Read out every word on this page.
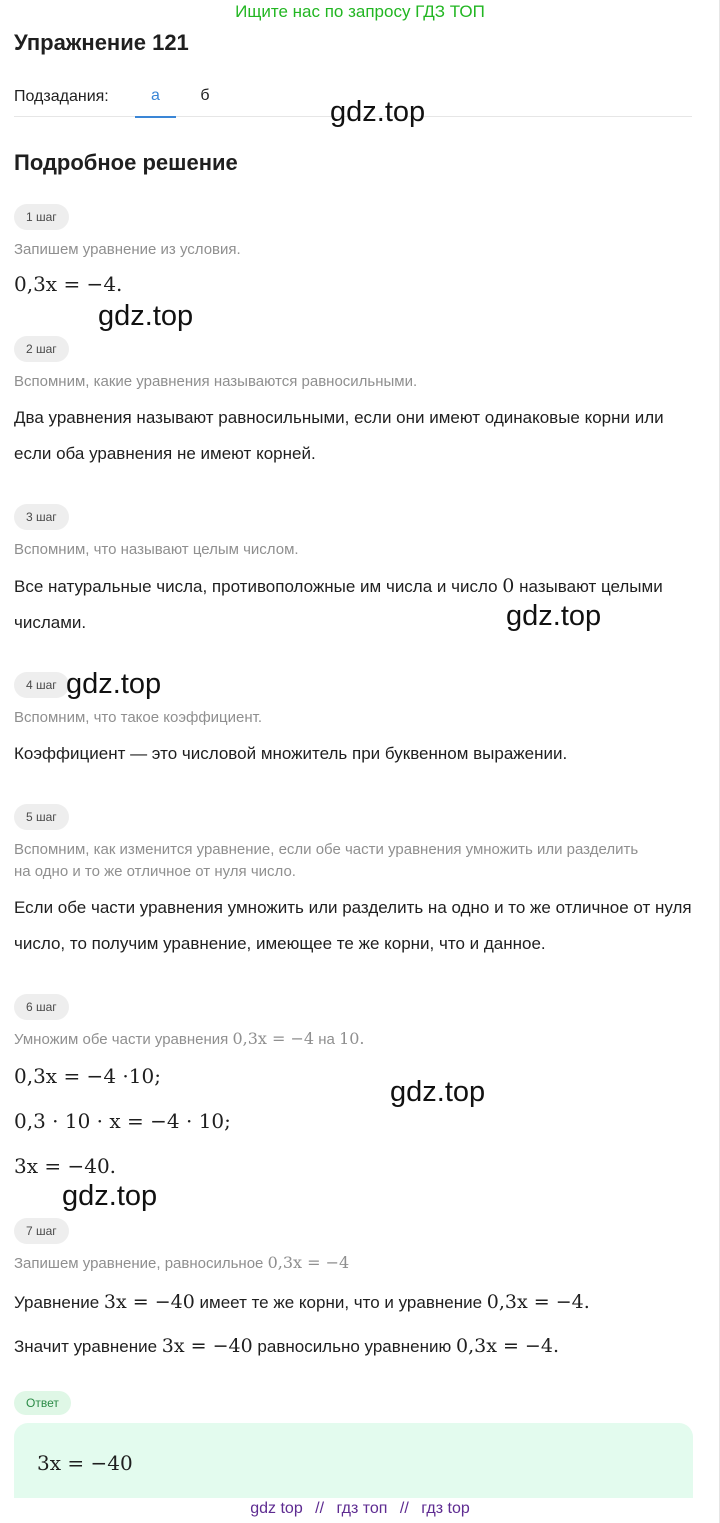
Ищите нас по запросу ГДЗ ТОП
Упражнение 121
Подзадания:	а	б
gdz.top
Подробное решение
1 шаг
Запишем уравнение из условия.
0,3x = −4.
gdz.top
2 шаг
Вспомним, какие уравнения называются равносильными.
Два уравнения называют равносильными, если они имеют одинаковые корни или если оба уравнения не имеют корней.
3 шаг
Вспомним, что называют целым числом.
Все натуральные числа, противоположные им числа и число 0 называют целыми числами.	gdz.top
4 шаг gdz.top
Вспомним, что такое коэффициент.
Коэффициент — это числовой множитель при буквенном выражении.
5 шаг
Вспомним, как изменится уравнение, если обе части уравнения умножить или разделить на одно и то же отличное от нуля число.
Если обе части уравнения умножить или разделить на одно и то же отличное от нуля число, то получим уравнение, имеющее те же корни, что и данное.
6 шаг
Умножим обе части уравнения 0,3x = −4 на 10.
0,3x = −4 ·10;
0,3 · 10 · x = −4 · 10;
3x = −40.
gdz.top
gdz.top
7 шаг
Запишем уравнение, равносильное 0,3x = −4
Уравнение 3x = −40 имеет те же корни, что и уравнение 0,3x = −4.
Значит уравнение 3x = −40 равносильно уравнению 0,3x = −4.
Ответ
3x = −40
gdz top // гдз топ // гдз top
